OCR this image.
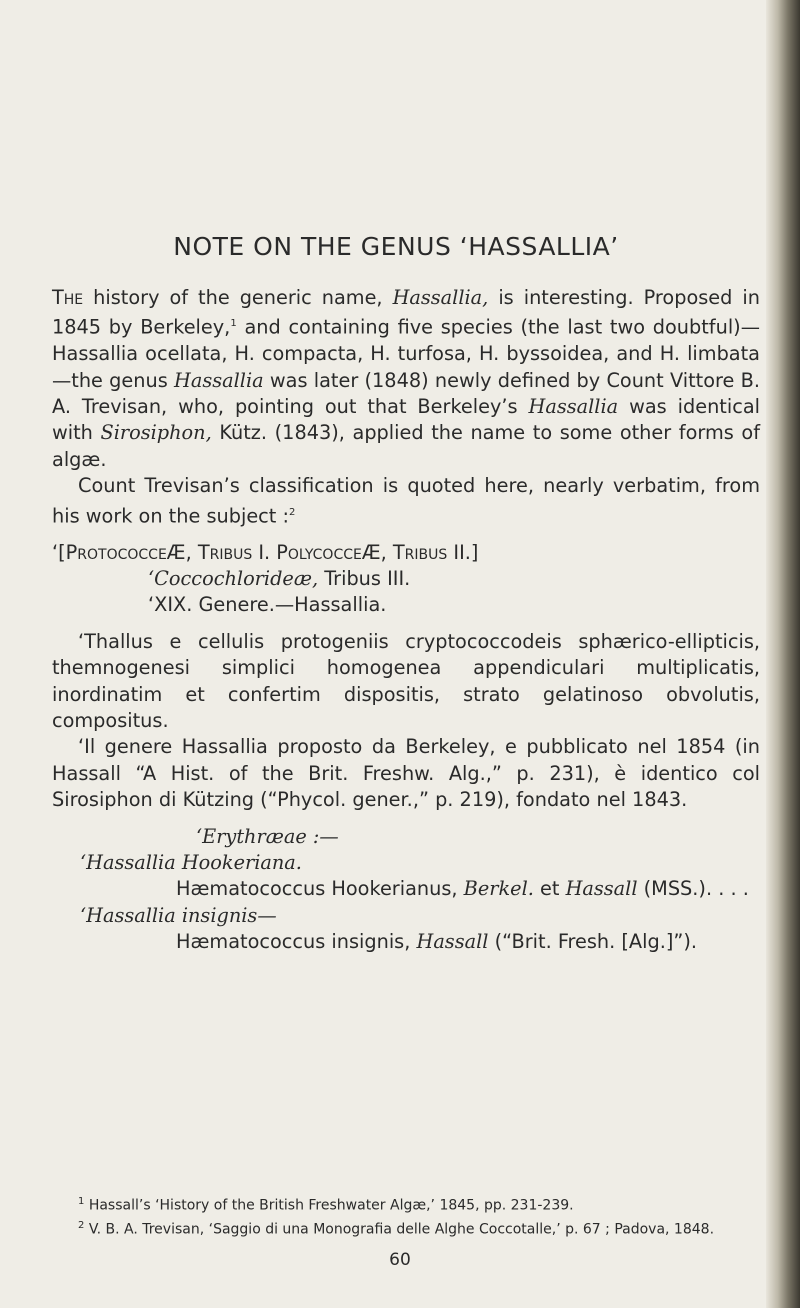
NOTE ON THE GENUS ‘HASSALLIA’

The history of the generic name, Hassallia, is interesting. Proposed in 1845 by Berkeley,$^1$ and containing five species (the last two doubtful)—Hassallia ocellata, H. compacta, H. turfosa, H. byssoidea, and H. limbata—the genus Hassallia was later (1848) newly defined by Count Vittore B. A. Trevisan, who, pointing out that Berkeley’s Hassallia was identical with Sirosiphon, Kütz. (1843), applied the name to some other forms of algæ.

Count Trevisan’s classification is quoted here, nearly verbatim, from his work on the subject :$^2$

‘[ProtococceÆ, Tribus I. PolycocceÆ, Tribus II.]

‘Coccochlorideæ, Tribus III.

‘XIX. Genere.—Hassallia.

‘Thallus e cellulis protogeniis cryptococcodeis sphærico-ellipticis, themnogenesi simplici homogenea appendiculari multiplicatis, inordinatim et confertim dispositis, strato gelatinoso obvolutis, compositus.

‘Il genere Hassallia proposto da Berkeley, e pubblicato nel 1854 (in Hassall “A Hist. of the Brit. Freshw. Alg.,” p. 231), è identico col Sirosiphon di Kützing (“Phycol. gener.,” p. 219), fondato nel 1843.

‘Erythræae :—

‘Hassallia Hookeriana.

Hæmatococcus Hookerianus, Berkel. et Hassall (MSS.). . . .

‘Hassallia insignis—

Hæmatococcus insignis, Hassall (“Brit. Fresh. [Alg.]”).

$^1$ Hassall’s ‘History of the British Freshwater Algæ,’ 1845, pp. 231-239.

$^2$ V. B. A. Trevisan, ‘Saggio di una Monografia delle Alghe Coccotalle,’ p. 67 ; Padova, 1848.

60
